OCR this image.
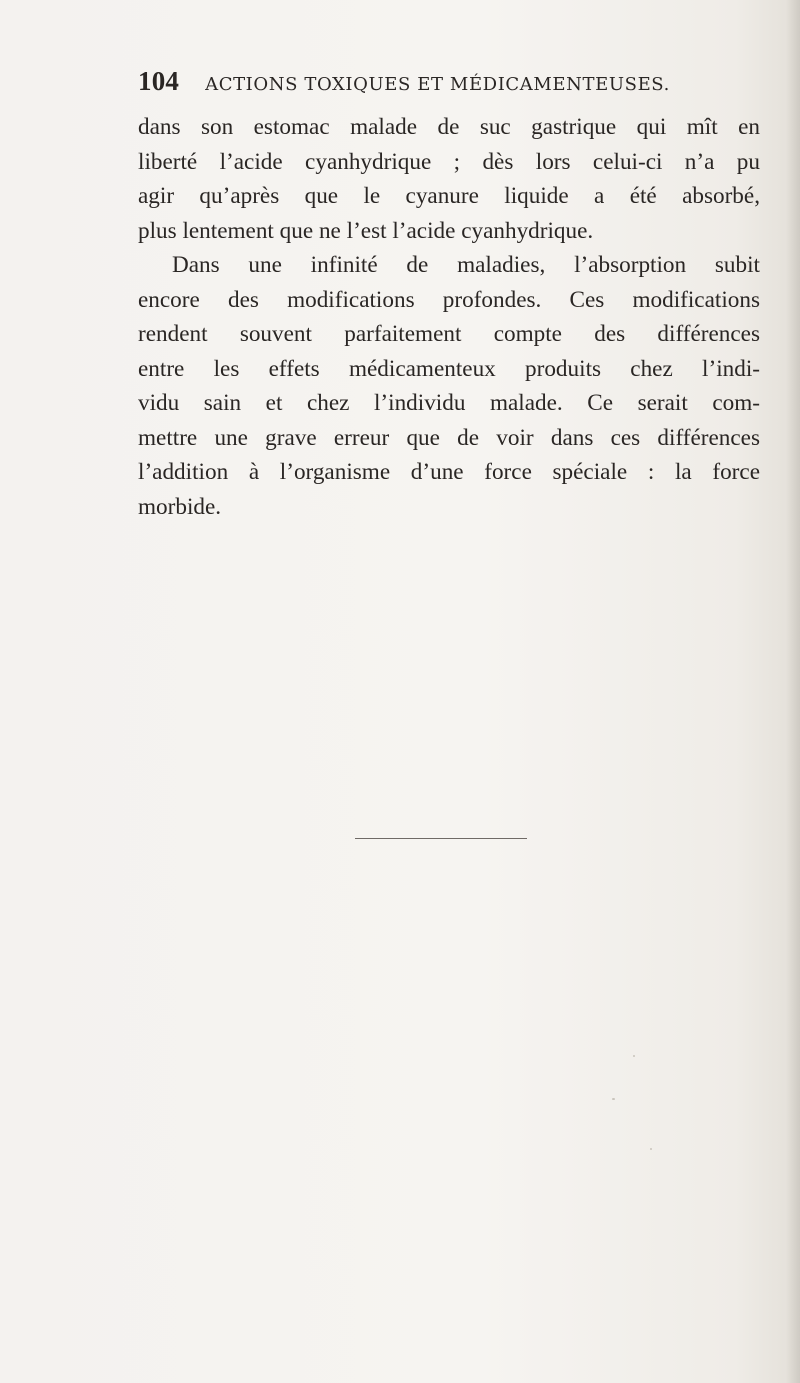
104 ACTIONS TOXIQUES ET MÉDICAMENTEUSES.
dans son estomac malade de suc gastrique qui mît en
liberté l’acide cyanhydrique ; dès lors celui-ci n’a pu
agir qu’après que le cyanure liquide a été absorbé,
plus lentement que ne l’est l’acide cyanhydrique.
Dans une infinité de maladies, l’absorption subit
encore des modifications profondes. Ces modifications
rendent souvent parfaitement compte des différences
entre les effets médicamenteux produits chez l’indi-
vidu sain et chez l’individu malade. Ce serait com-
mettre une grave erreur que de voir dans ces différences
l’addition à l’organisme d’une force spéciale : la force
morbide.
